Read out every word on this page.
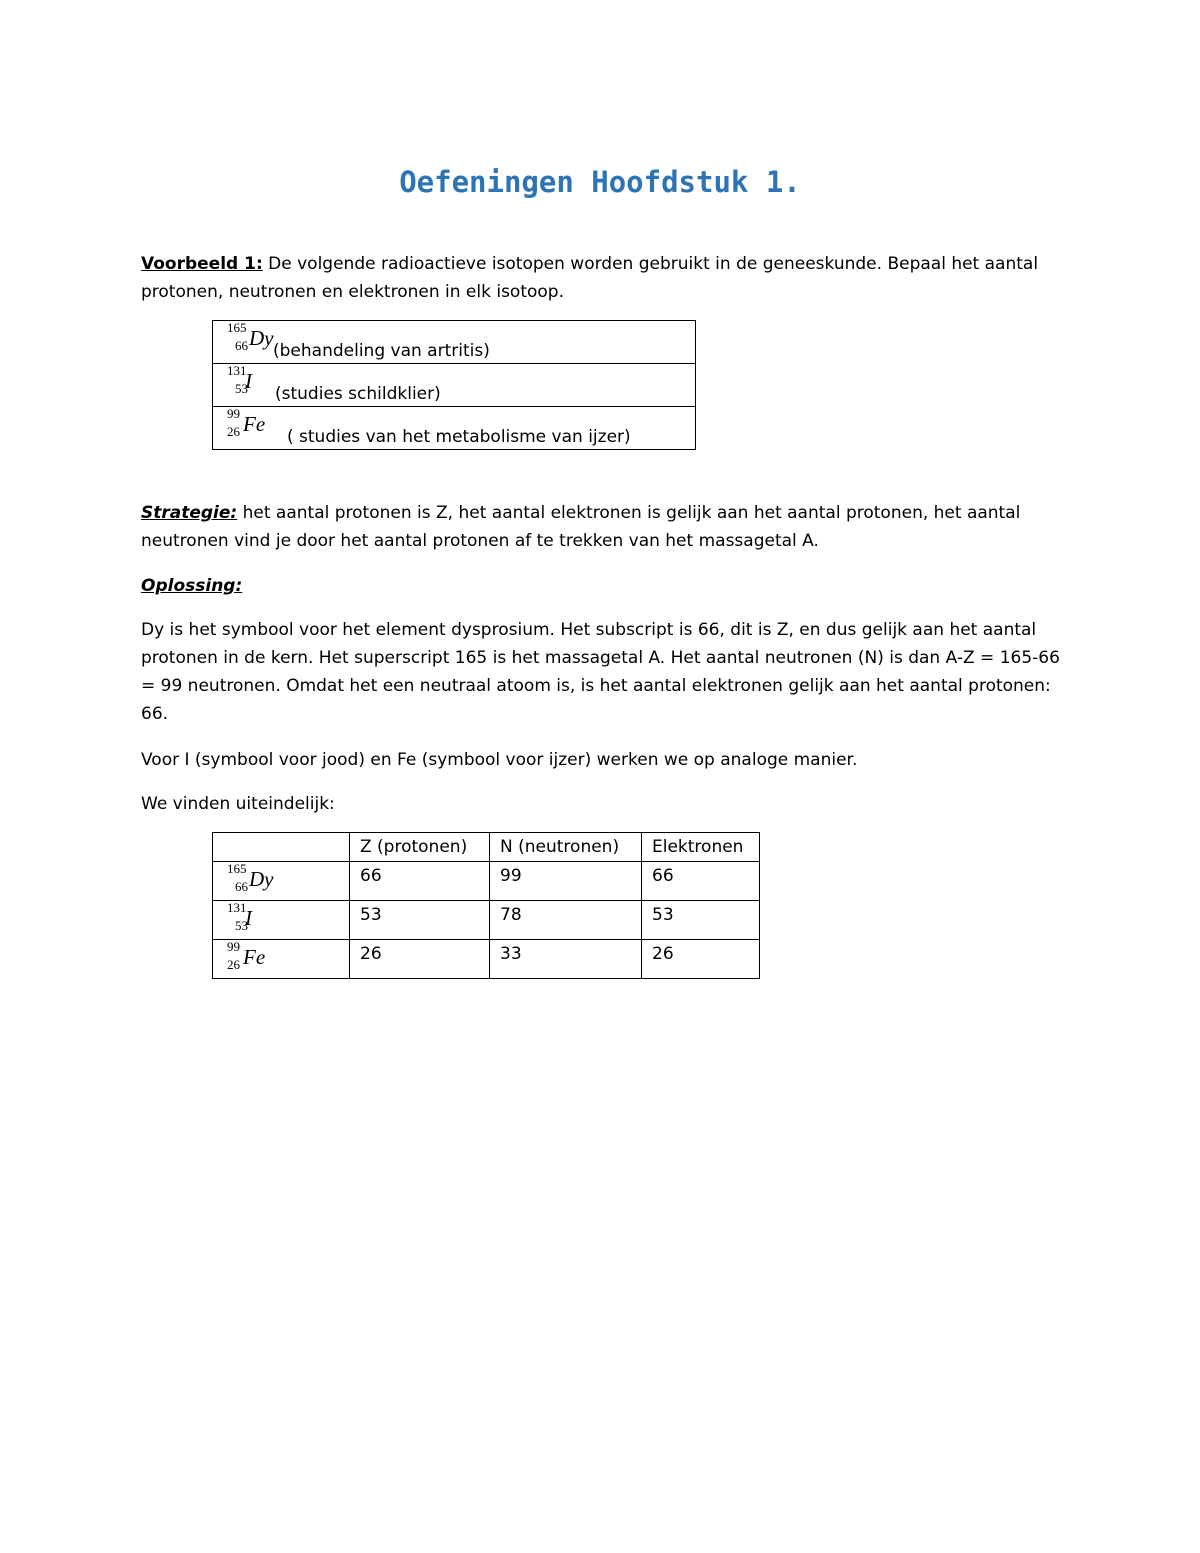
Oefeningen Hoofdstuk 1.

Voorbeeld 1: De volgende radioactieve isotopen worden gebruikt in de geneeskunde. Bepaal het aantal protonen, neutronen en elektronen in elk isotoop.

165
66 Dy
(behandeling van artritis)

131
53
I
(studies schildklier)

99
26 Fe
( studies van het metabolisme van ijzer)

Strategie: het aantal protonen is Z, het aantal elektronen is gelijk aan het aantal protonen, het aantal neutronen vind je door het aantal protonen af te trekken van het massagetal A.

Oplossing:

Dy is het symbool voor het element dysprosium. Het subscript is 66, dit is Z, en dus gelijk aan het aantal protonen in de kern. Het superscript 165 is het massagetal A. Het aantal neutronen (N) is dan A-Z = 165-66 = 99 neutronen. Omdat het een neutraal atoom is, is het aantal elektronen gelijk aan het aantal protonen: 66.

Voor I (symbool voor jood) en Fe (symbool voor ijzer) werken we op analoge manier.

We vinden uiteindelijk:

	Z (protonen)	N (neutronen)	Elektronen

165
66 Dy	66	99	66

131
53
I	53	78	53

99
26 Fe	26	33	26
